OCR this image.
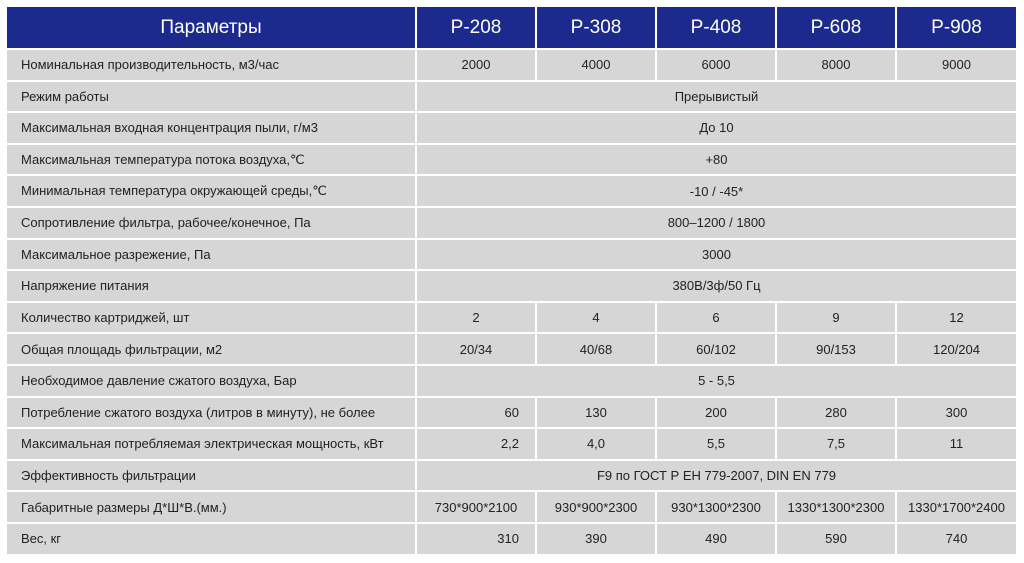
Параметры	Р-208	Р-308	Р-408	Р-608	Р-908
Номинальная производительность, м3/час	2000	4000	6000	8000	9000
Режим работы	Прерывистый				
Максимальная входная концентрация пыли, г/м3	До 10				
Максимальная температура потока воздуха,℃	+80				
Минимальная температура окружающей среды,℃	-10 / -45*				
Сопротивление фильтра, рабочее/конечное, Па	800–1200 / 1800				
Максимальное разрежение, Па	3000				
Напряжение питания	380В/3ф/50 Гц				
Количество картриджей, шт	2	4	6	9	12
Общая площадь фильтрации, м2	20/34	40/68	60/102	90/153	120/204
Необходимое давление сжатого воздуха, Бар	5 - 5,5				
Потребление сжатого воздуха (литров в минуту), не более	60	130	200	280	300
Максимальная потребляемая электрическая мощность, кВт	2,2	4,0	5,5	7,5	11
Эффективность фильтрации	F9 по ГОСТ Р ЕН 779-2007, DIN EN 779				
Габаритные размеры Д*Ш*В.(мм.)	730*900*2100	930*900*2300	930*1300*2300	1330*1300*2300	1330*1700*2400
Вес, кг	310	390	490	590	740
